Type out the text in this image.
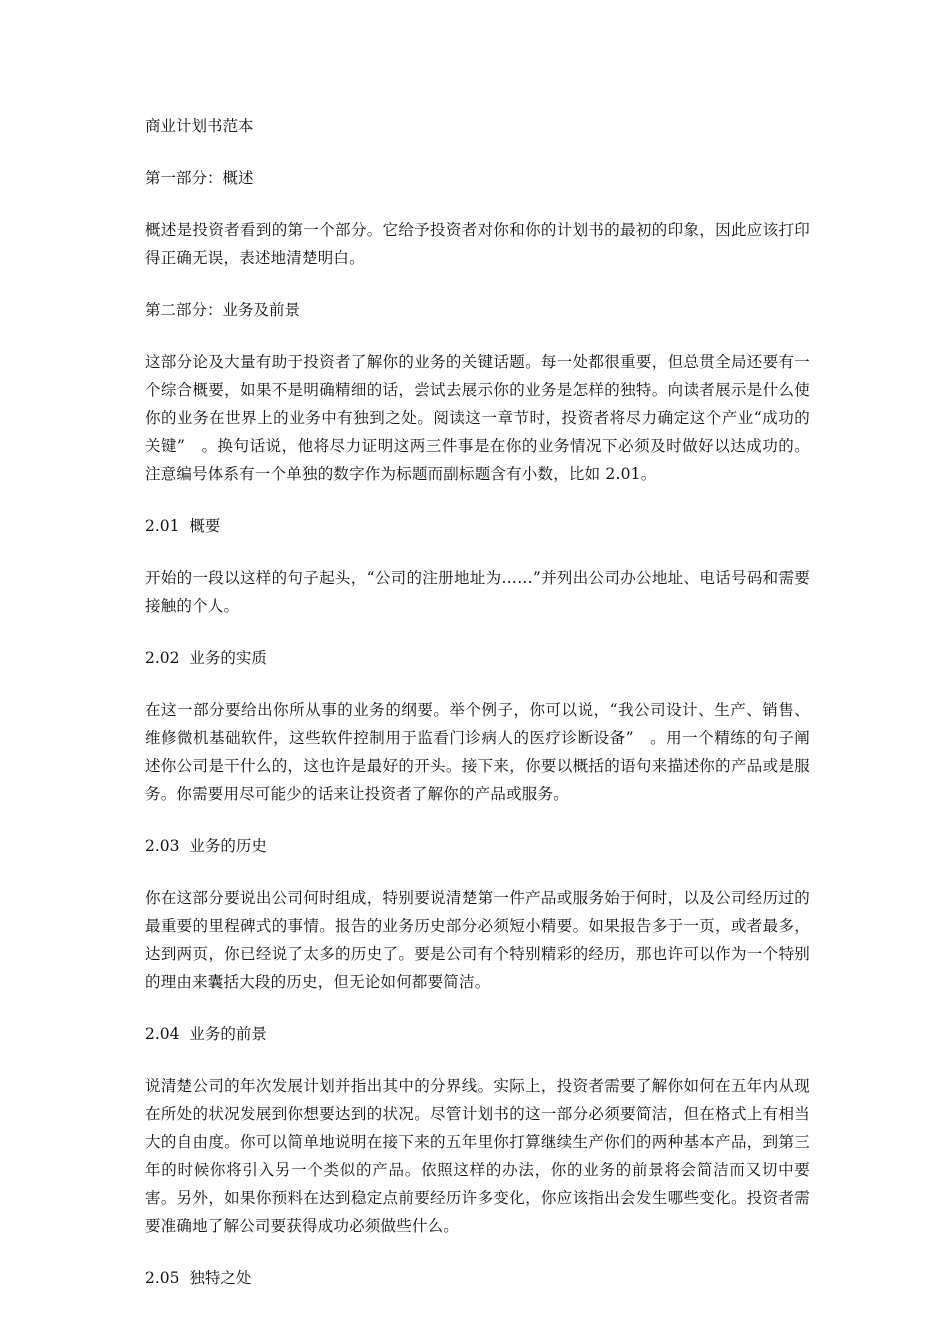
商业计划书范本

第一部分：概述

概述是投资者看到的第一个部分。它给予投资者对你和你的计划书的最初的印象，因此应该打印得正确无误，表述地清楚明白。

第二部分：业务及前景

这部分论及大量有助于投资者了解你的业务的关键话题。每一处都很重要，但总贯全局还要有一个综合概要，如果不是明确精细的话，尝试去展示你的业务是怎样的独特。向读者展示是什么使你的业务在世界上的业务中有独到之处。阅读这一章节时，投资者将尽力确定这个产业“成功的关键”　。换句话说，他将尽力证明这两三件事是在你的业务情况下必须及时做好以达成功的。注意编号体系有一个单独的数字作为标题而副标题含有小数，比如 2.01。

2.01  概要

开始的一段以这样的句子起头，“公司的注册地址为……”并列出公司办公地址、电话号码和需要接触的个人。

2.02  业务的实质

在这一部分要给出你所从事的业务的纲要。举个例子，你可以说，“我公司设计、生产、销售、维修微机基础软件，这些软件控制用于监看门诊病人的医疗诊断设备”　。用一个精练的句子阐述你公司是干什么的，这也许是最好的开头。接下来，你要以概括的语句来描述你的产品或是服务。你需要用尽可能少的话来让投资者了解你的产品或服务。

2.03  业务的历史

你在这部分要说出公司何时组成，特别要说清楚第一件产品或服务始于何时，以及公司经历过的最重要的里程碑式的事情。报告的业务历史部分必须短小精要。如果报告多于一页，或者最多，达到两页，你已经说了太多的历史了。要是公司有个特别精彩的经历，那也许可以作为一个特别的理由来囊括大段的历史，但无论如何都要简洁。

2.04  业务的前景

说清楚公司的年次发展计划并指出其中的分界线。实际上，投资者需要了解你如何在五年内从现在所处的状况发展到你想要达到的状况。尽管计划书的这一部分必须要简洁，但在格式上有相当大的自由度。你可以简单地说明在接下来的五年里你打算继续生产你们的两种基本产品，到第三年的时候你将引入另一个类似的产品。依照这样的办法，你的业务的前景将会简洁而又切中要害。另外，如果你预料在达到稳定点前要经历许多变化，你应该指出会发生哪些变化。投资者需要准确地了解公司要获得成功必须做些什么。

2.05  独特之处
